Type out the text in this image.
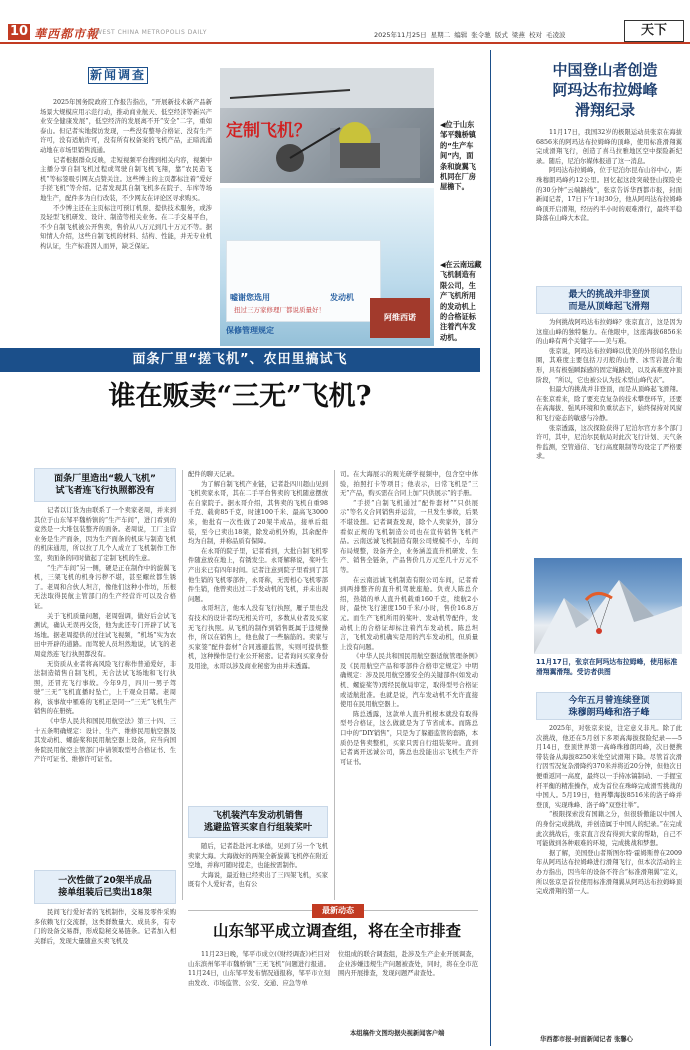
10 華西都市報
WEST CHINA METROPOLIS DAILY	2025年11月25日 星期二 编辑 张令驰 版式 梁燕 校对 毛凌波	天下
新闻调查

2025年国务院政府工作报告指出，“开展新技术新产品新场景大规模应用示范行动，推动商业航天、低空经济等新兴产业安全健康发展”，低空经济的发展离不开“安全”二字，重如泰山。但记者实地探访发现，一些没有整导合格证、没有生产许可，没有适航许可，没有所有权备案的飞机产品，正暗流涌动地在市场里销售流通。

记者根据群众反映，走短视频平台搜到相关内容，视频中主播分享自制飞机过程或驾驶自制飞机飞翔，靠“农民造飞机”等标签吸引网友点赞关注。这些博主的主页都标注着“爱好手搓飞机”等介绍。记者发现其自制飞机多在院子、车库等场地生产，配件多为自行改装，不少网友在评论区寻求购买。

不少博主还在主页标注可预订机票、提供技术服务，或涉及轻型飞机研发、设计、制造等相关业务。在二手交易平台，不少自制飞机被公开售卖，售价从八万元到几十万元不等。据知情人介绍，这些自制飞机的材料、结构、性能，并无专业机构认证，生产标准因人而异，缺乏保证。

定制飞机？	◀位于山东邹平魏桥镇的“生产车间”内，面条和旋翼飞机同在厂房屋檐下。
嘘谢您选用	发动机
扭过三万家修理厂都说质量好！
保修管理规定
阿维西诺
◀在云南远藏飞机制造有限公司，生产飞机所用的发动机上的合格证标注着汽车发动机。
面条厂里“搓飞机”、农田里搞试飞
谁在贩卖“三无”飞机?
面条厂里造出“载人飞机”
试飞者连飞行执照都没有

记者以订货为由联系了一个卖家老周，并来到其位于山东邹平魏桥镇的“生产车间”，进门看到的竟然是一大堆包装整齐的面条。老周说，工厂主营业务是生产面条，因为生产面条的机床与制造飞机的机床通用，所以拉了几个人成立了飞机制作工作室，卖面条的同时做起了定制飞机的生意。

“生产车间”另一侧，硬是正在制作中的旋翼飞机，三架飞机的机身污秽不堪，甚至螺丝都生锈了。老周和合伙人坦言，像他们这种小作坊，压根无法取得民航主管部门的生产经营许可以及合格证。

关于飞机质量问题，老周强调，做好后会试飞测试，确认无误再交货，他为此还专门开辟了试飞场地。据老周提供的过往试飞视频，“机场”实为农田中开辟的道路。而驾驶人员坦然地说，试飞的老周竟然连飞行执照都没有。

无资质从业者将高风险飞行称作普通爱好，非法制造销售自制飞机，无合法试飞场地和飞行执照，还冒充飞行事故。今年9月，四川一男子驾驶“三无”飞机直播时坠亡，上千观众目睹。老周称，该事故中罹难的飞机正是同一“三无”飞机生产销售的在册统。

《中华人民共和国民用航空法》第三十四、三十五条明确规定：设计、生产、维修民用航空器及其发动机、螺旋桨和民用航空器上设备，应当向国务院民用航空主管部门申请领取型号合格证书、生产许可证书、维修许可证书。

一次性做了20架半成品
接单组装后已卖出18架

民间飞行爱好者的飞机制作，交易及零件采购多依赖飞行交流群，这类群数量大、成员多，有专门的设备交易群，形成隐秘交易链条。记者加入相关群后，发现大量随意买卖飞机及

配件的聊天记录。

为了解自制飞机产业链，记者赴四川超山见到飞机卖家永哥，其在二手平台售卖的飞机随意摆放在自家院子。据永哥介绍，其售卖的飞机自重98千克、载荷85千克，时速100千米、最高飞3000米，他批有一次性做了20架半成品，接单后组装，至今已卖出18架，除发动机外购，其余配件均为自制，并称品质有保障。

在永哥的院子里，记者看到，大批自制飞机零件随意放在地上，有锈发尘。永哥解释说，桨叶生产出来已有四年时间。记者注意到院子里看到了其他生销的飞机零部件，永哥称，无需相心飞机零部件生销，他曾卖出过二手发动机的飞机，并未出现问题。

永哥坦言，他本人没有飞行执照，雁子里也没有技术的设计者均无相关许可，多数从业者及买家无飞行执照。从飞机的制作到销售既属于违规操作，所以在销售上，他也做了一些脑筋的。卖家与买家签“配件套材”合同逃避监管，实则可提供整机，这种操作是行业公开秘密。记者询问买家身份及用途，永哥以涉及商业秘密为由并未透露。

飞机装汽车发动机销售
逃避监管买家自行组装桨叶

随后，记者赴赴河北承德，见到了另一个飞机卖家大海。大海做好的两架全新旋翼飞机停在附近空地，并称可随时提走，也能按需制作。

大海说，最近他已经卖出了三四架飞机，买家既有个人爱好者，也有公

司。在大海展示的观光研学视频中，包含空中体验，拍照打卡等项目；他表示，日常飞机是“三无”产品，购买需在合同上加“只供展示”的手册。

“手搓”自制飞机通过“配件套材”“只供展示”等名义合同销售并运营，一旦发生事故，后果不堪设想。记者调查发现，除个人卖家外，部分看似正规的飞机制造公司也在宣传销售飞机产品。云南远诚飞机制造有限公司规模不小，车间布局规整，设备齐全，业务涵盖直升机研发、生产、销售全链条，产品售价几万元至几十万元不等。

在云南远诚飞机制造有限公司车间，记者看到两排整齐的直升机驾驶座舱。负责人陈总介绍，热销的单人直升机载重160千克，续航2小时，最快飞行速度150千米/小时，售价16.8万元。而生产飞机所用的桨叶、发动机等配件，发动机上的合格证却标注着汽车发动机。陈总坦言，飞机发动机确实是用的汽车发动机，但质量上没有问题。

《中华人民共和国民用航空器适航管理条例》及《民用航空产品和零部件合格审定规定》中明确规定：涉及民用航空器安全的关键部件(如发动机、螺旋桨等)需经民航局审定，取得型号合格证或适航批准。也就是说，汽车发动机不允许直接使用在民用航空器上。

陈总透露，这款单人直升机根本就没有取得型号合格证，这么做就是为了节省成本。而陈总口中的“DIY销售”，只是为了躲避监管的套路，本质仍是售卖整机，买家只需自行组装桨叶。直到记者离开远诚公司，陈总也没能出示飞机生产许可证书。

最新动态
山东邹平成立调查组，将在全市排查

11月23日晚，邹平市成立(《财经调查》)栏目对山东滨州邹平市魏桥镇“三无飞机”问题进行报道。11月24日，山东邹平发布情况通报称，邹平市立刻由发改、市场监管、公安、交通、应急等单

位组成的联合调查组，赴涉及生产企业开展调查，企业涉嫌违规生产问题被查处，同时，将在全市范围内开展排查，发现问题严肃查处。

本组稿件文图均据央视新闻客户端
中国登山者创造
阿玛达布拉姆峰
滑翔纪录

11月17日，我国32岁的极限运动员张京在海拔6856米的阿玛达布拉姆峰的顶峰，使用标准滑翔翼完成滑翔飞行，创造了喜马拉雅地区空中探险新纪录。随后，尼泊尔媒体报道了这一消息。

阿玛达布拉姆峰，位于尼泊尔昆布山谷中心，距珠穆朗玛峰约12公里。回忆起这段突破登山探险史的30分钟“云端路线”，张京告诉华西都市报，封面新闻记者，17日下午1时30分，他从阿玛达布拉姆峰峰顶开启滑翔，经历约半小时的艰难滑行，最终平稳降落在山峰大本营。

最大的挑战并非登顶
而是从顶峰起飞滑翔

为何挑战阿玛达布拉姆峰？张京直言，这是因为这座山峰的独特魅力。在他眼中，这座海拔6856米的山峰有两个关键字——美与难。

张京说，阿玛达布拉姆峰以优美的外形闻名登山圈，其难度主要包括刀刃般的山脊、冰雪岩混合地形，具有极强瞬踩感的固定绳路段，以及高难度冲顶阶段，“所以，它也被公认为技术型山峰代表”。

但最大的挑战并非登顶，而是从顶峰起飞滑翔。在张京看来，除了要充克复杂的技术攀登环节，还要在高海拔、强风环境和负重状态下，始终保持对风窗和飞行姿态的敏感与冷静。

张京透露，这次探险获得了尼泊尔官方多个部门许可，其中，尼泊尔民航局对此次飞行计划、天气条件监测，空管通信、飞行高度限制等均设定了严格要求。

11月17日，张京在阿玛达布拉姆峰，使用标准滑翔翼滑翔。受访者供图
今年五月曾连续登顶
珠穆朗玛峰和洛子峰

2025年，对张京来说，注定意义非凡。除了此次挑战，他还在5月创下多项高海拔探险纪录——5月14日，登顶世界第一高峰珠穆朗玛峰，次日便携带装备从海拔8250米处空试滑翔下降。尽管首次滑行因雪况复杂滑降约370米并将近20分钟，但他次日便重返同一高度，最终以一手持冰镐制动、一手握宝杆平衡的精准操作，成为首位在珠峰完成滑雪挑战的中国人。5月19日，他再攀海拔8516米的洛子峰并登顶，实现珠峰、洛子峰“双登壮举”。

“极限探索没有国籍之分，但很骄傲能以中国人的身份完成挑战，并创造属于中国人的纪录。”在完成此次挑战后，张京直言没有得到大家的帮助，自己不可能做到各种艰难的环境，完成挑战和梦想。

据了解，美国登山者斯图尔特·霍姆斯曾在2009年从阿玛达布拉姆峰进行滑翔飞行，但本次活动的主办方指出，因当年的设备不符合“标准滑翔翼”定义，所以张京是首位使用标准滑翔翼从阿玛达布拉姆峰顶完成滑翔的第一人。

华西都市报-封面新闻记者 张馨心
